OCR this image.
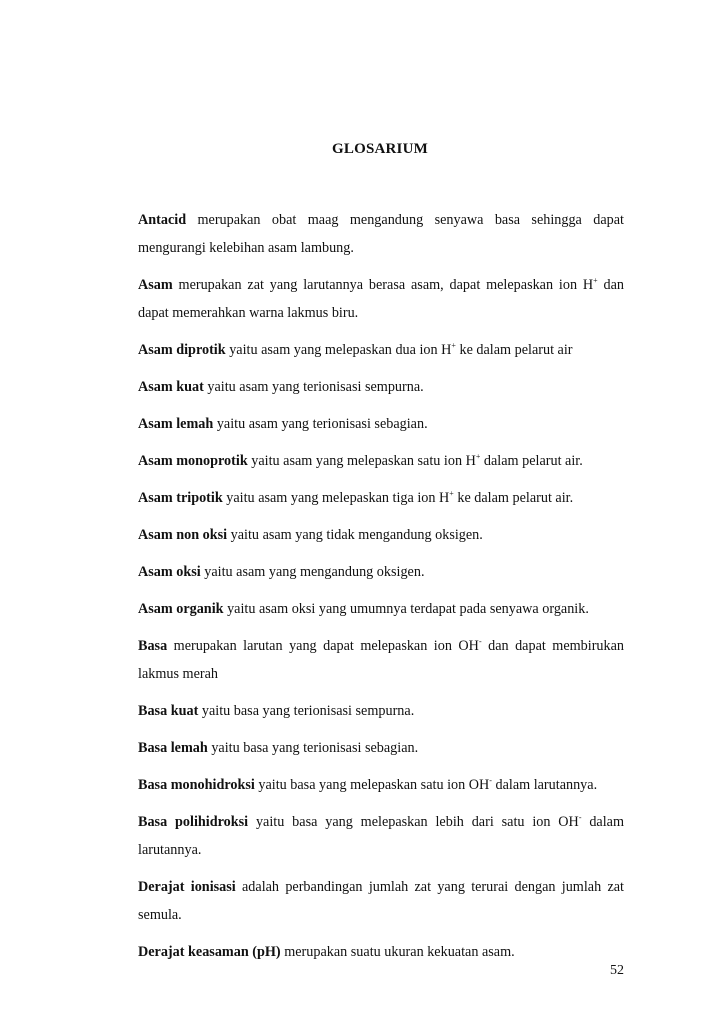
GLOSARIUM

Antacid merupakan obat maag mengandung senyawa basa sehingga dapat mengurangi kelebihan asam lambung.

Asam merupakan zat yang larutannya berasa asam, dapat melepaskan ion H+ dan dapat memerahkan warna lakmus biru.

Asam diprotik yaitu asam yang melepaskan dua ion H+ ke dalam pelarut air

Asam kuat yaitu asam yang terionisasi sempurna.

Asam lemah yaitu asam yang terionisasi sebagian.

Asam monoprotik yaitu asam yang melepaskan satu ion H+ dalam pelarut air.

Asam tripotik yaitu asam yang melepaskan tiga ion H+ ke dalam pelarut air.

Asam non oksi yaitu asam yang tidak mengandung oksigen.

Asam oksi yaitu asam yang mengandung oksigen.

Asam organik yaitu asam oksi yang umumnya terdapat pada senyawa organik.

Basa merupakan larutan yang dapat melepaskan ion OH- dan dapat membirukan lakmus merah

Basa kuat yaitu basa yang terionisasi sempurna.

Basa lemah yaitu basa yang terionisasi sebagian.

Basa monohidroksi yaitu basa yang melepaskan satu ion OH- dalam larutannya.

Basa polihidroksi yaitu basa yang melepaskan lebih dari satu ion OH- dalam larutannya.

Derajat ionisasi adalah perbandingan jumlah zat yang terurai dengan jumlah zat semula.

Derajat keasaman (pH) merupakan suatu ukuran kekuatan asam.

52
